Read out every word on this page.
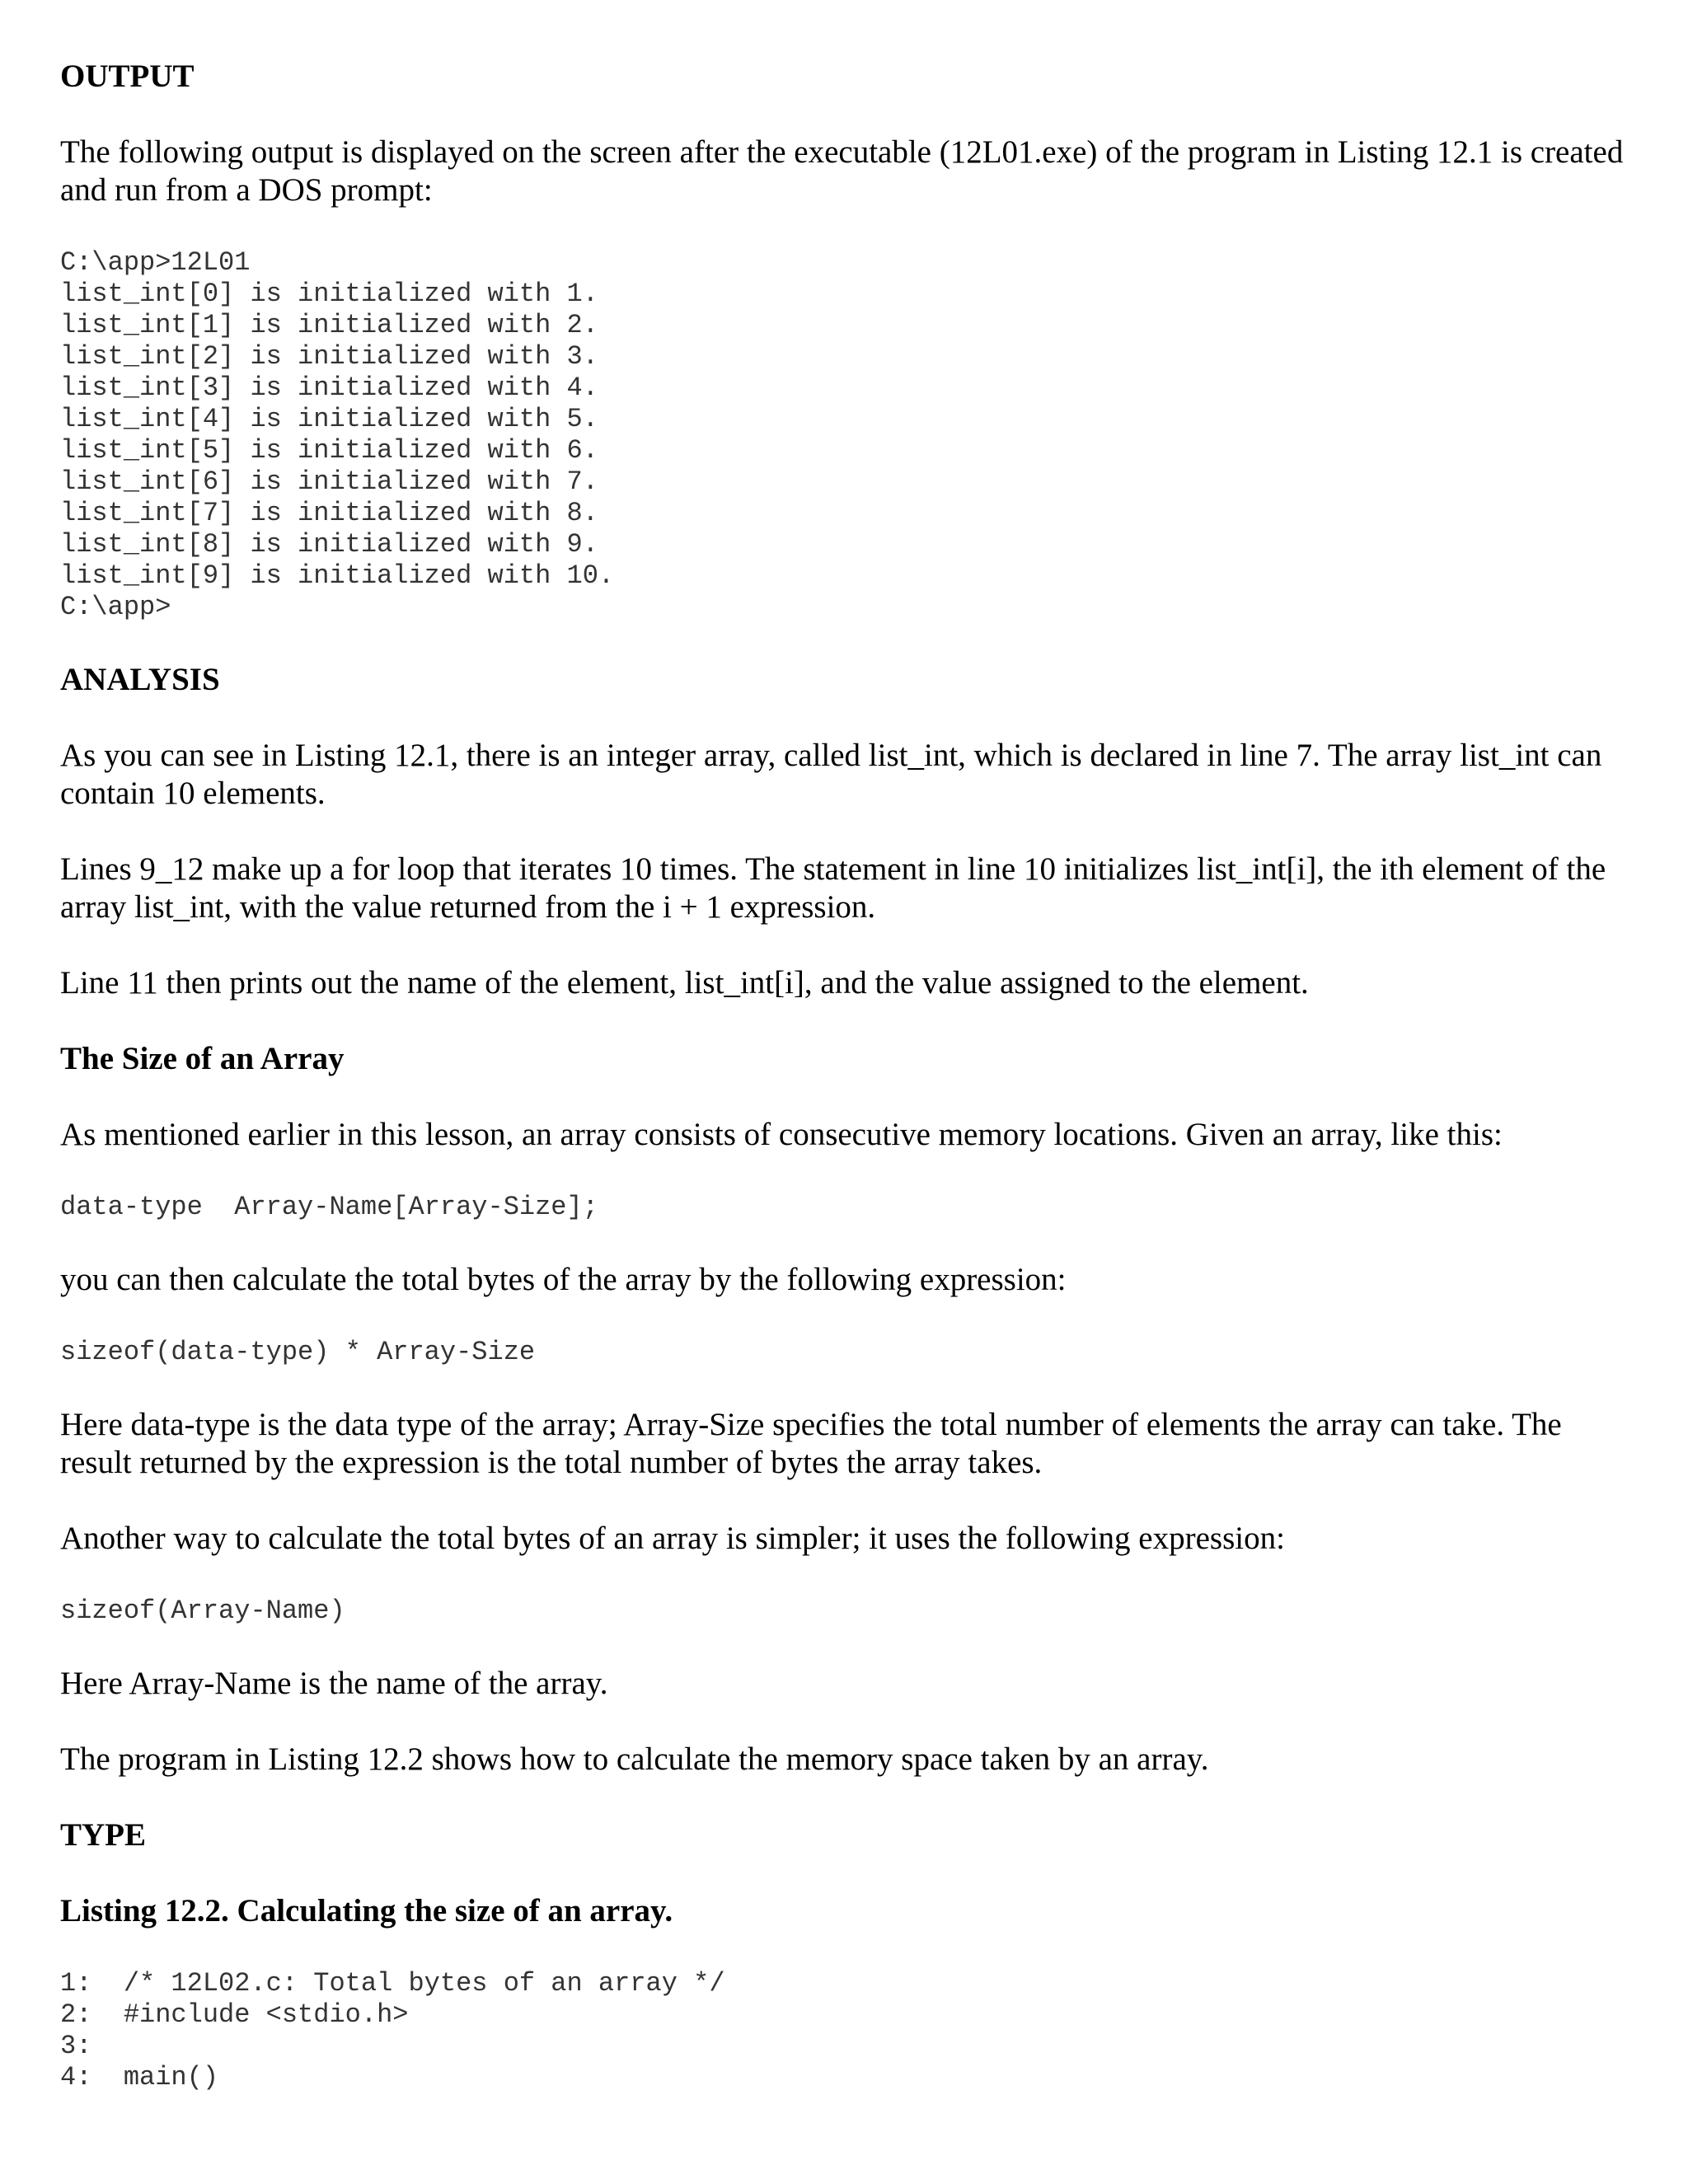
OUTPUT
The following output is displayed on the screen after the executable (12L01.exe) of the program in Listing 12.1 is created and run from a DOS prompt:
C:\app>12L01
list_int[0] is initialized with 1.
list_int[1] is initialized with 2.
list_int[2] is initialized with 3.
list_int[3] is initialized with 4.
list_int[4] is initialized with 5.
list_int[5] is initialized with 6.
list_int[6] is initialized with 7.
list_int[7] is initialized with 8.
list_int[8] is initialized with 9.
list_int[9] is initialized with 10.
C:\app>
ANALYSIS
As you can see in Listing 12.1, there is an integer array, called list_int, which is declared in line 7. The array list_int can contain 10 elements.
Lines 9_12 make up a for loop that iterates 10 times. The statement in line 10 initializes list_int[i], the ith element of the array list_int, with the value returned from the i + 1 expression.
Line 11 then prints out the name of the element, list_int[i], and the value assigned to the element.
The Size of an Array
As mentioned earlier in this lesson, an array consists of consecutive memory locations. Given an array, like this:
data-type  Array-Name[Array-Size];
you can then calculate the total bytes of the array by the following expression:
sizeof(data-type) * Array-Size
Here data-type is the data type of the array; Array-Size specifies the total number of elements the array can take. The result returned by the expression is the total number of bytes the array takes.
Another way to calculate the total bytes of an array is simpler; it uses the following expression:
sizeof(Array-Name)
Here Array-Name is the name of the array.
The program in Listing 12.2 shows how to calculate the memory space taken by an array.
TYPE
Listing 12.2. Calculating the size of an array.
1:  /* 12L02.c: Total bytes of an array */
2:  #include <stdio.h>
3:
4:  main()
